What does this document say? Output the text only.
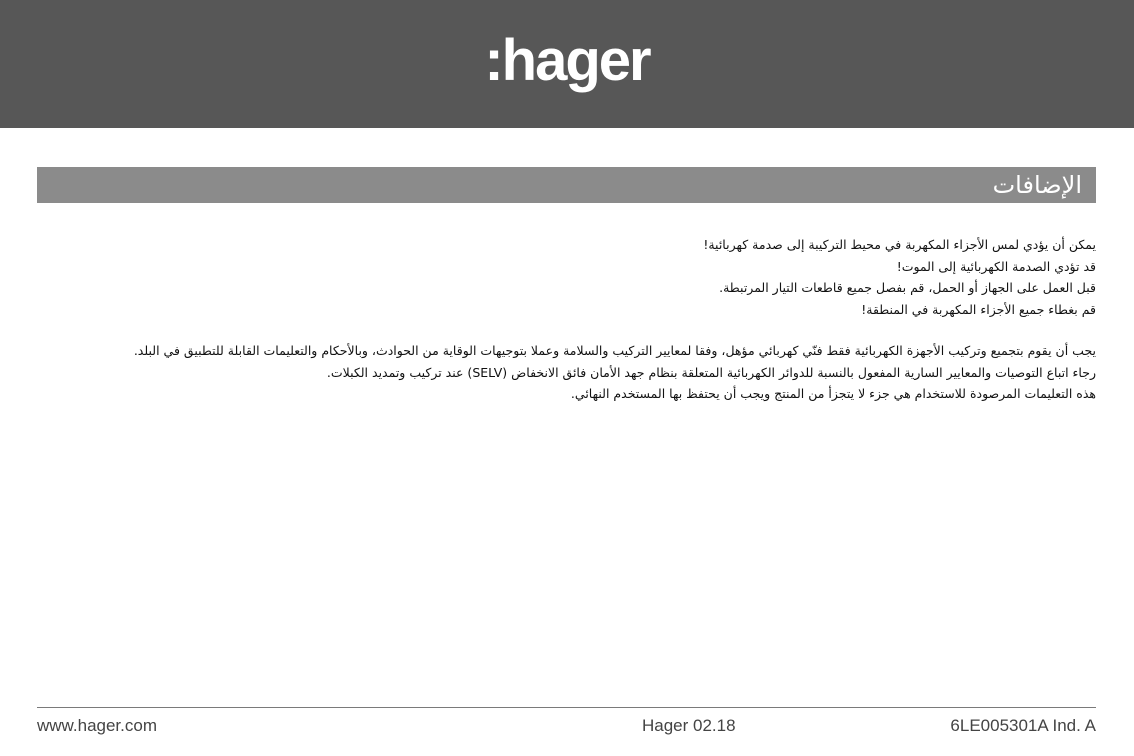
:hager
الإضافات

يمكن أن يؤدي لمس الأجزاء المكهربة في محيط التركيبة إلى صدمة كهربائية!

قد تؤدي الصدمة الكهربائية إلى الموت!

قبل العمل على الجهاز أو الحمل، قم بفصل جميع قاطعات التيار المرتبطة.

قم بغطاء جميع الأجزاء المكهربة في المنطقة!

يجب أن يقوم بتجميع وتركيب الأجهزة الكهربائية فقط فنّي كهربائي مؤهل، وفقا لمعايير التركيب والسلامة وعملا بتوجيهات الوقاية من الحوادث، وبالأحكام والتعليمات القابلة للتطبيق في البلد.

رجاء اتباع التوصيات والمعايير السارية المفعول بالنسبة للدوائر الكهربائية المتعلقة بنظام جهد الأمان فائق الانخفاض (SELV) عند تركيب وتمديد الكبلات.

هذه التعليمات المرصودة للاستخدام هي جزء لا يتجزأ من المنتج ويجب أن يحتفظ بها المستخدم النهائي.

www.hager.com	Hager 02.18	6LE005301A Ind. A
